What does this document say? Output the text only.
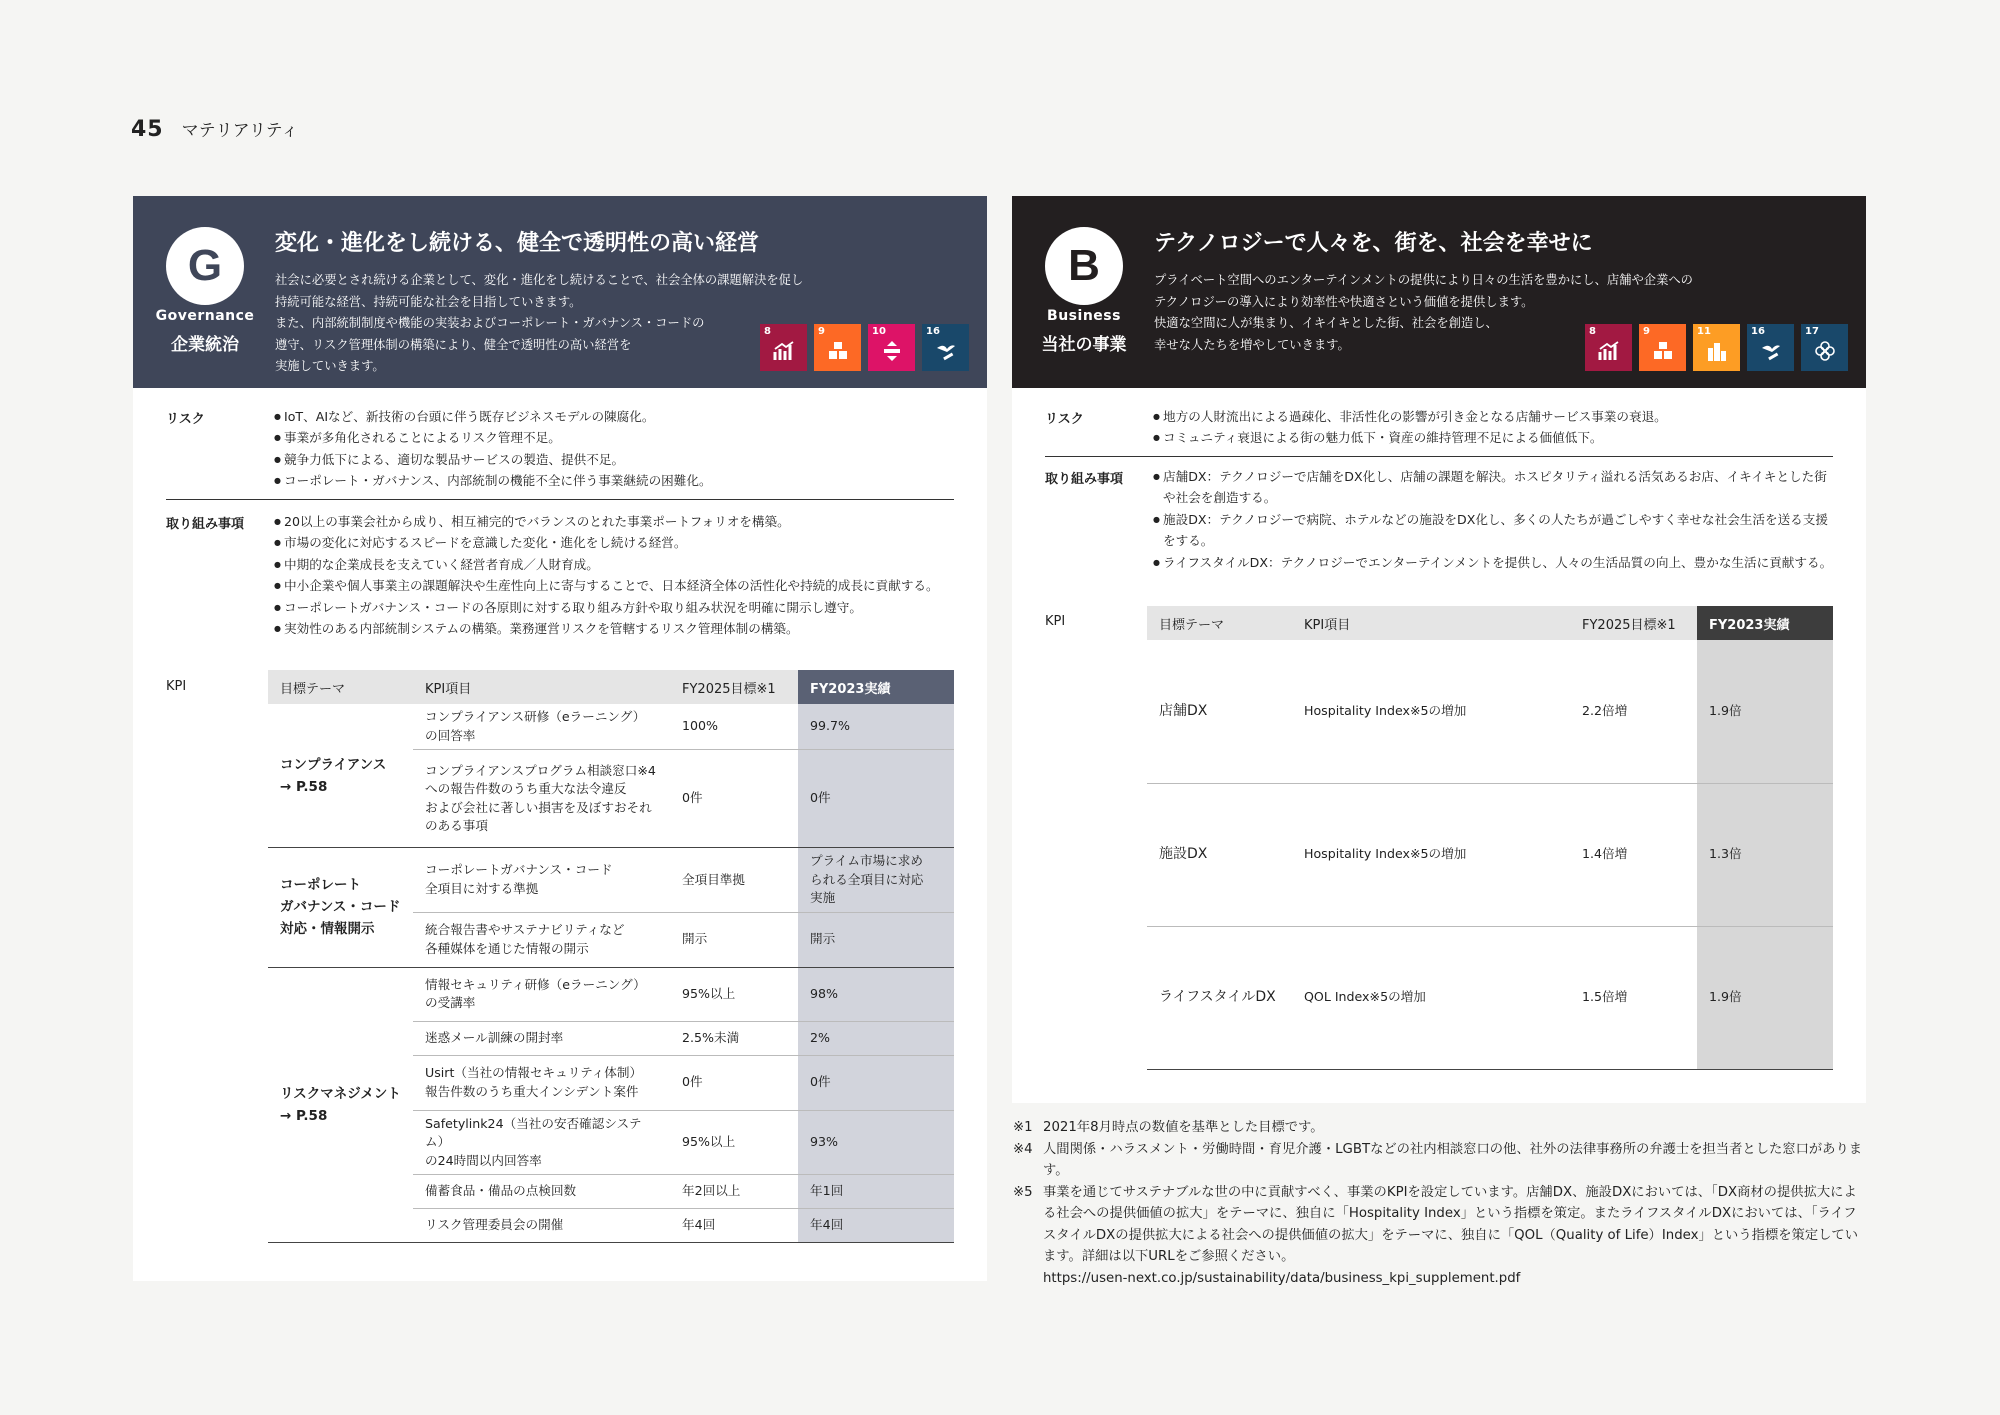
45 マテリアリティ
G
Governance
企業統治
変化・進化をし続ける、健全で透明性の高い経営
社会に必要とされ続ける企業として、変化・進化をし続けることで、社会全体の課題解決を促し
持続可能な経営、持続可能な社会を目指していきます。
また、内部統制制度や機能の実装およびコーポレート・ガバナンス・コードの
遵守、リスク管理体制の構築により、健全で透明性の高い経営を
実施していきます。
8	9	10	16
リスク	● IoT、AIなど、新技術の台頭に伴う既存ビジネスモデルの陳腐化。
● 事業が多角化されることによるリスク管理不足。
● 競争力低下による、適切な製品サービスの製造、提供不足。
● コーポレート・ガバナンス、内部統制の機能不全に伴う事業継続の困難化。
取り組み事項	● 20以上の事業会社から成り、相互補完的でバランスのとれた事業ポートフォリオを構築。
● 市場の変化に対応するスピードを意識した変化・進化をし続ける経営。
● 中期的な企業成長を支えていく経営者育成／人財育成。
● 中小企業や個人事業主の課題解決や生産性向上に寄与することで、日本経済全体の活性化や持続的成長に貢献する。
● コーポレートガバナンス・コードの各原則に対する取り組み方針や取り組み状況を明確に開示し遵守。
● 実効性のある内部統制システムの構築。業務運営リスクを管轄するリスク管理体制の構築。
KPI	目標テーマ	KPI項目	FY2025目標※1	FY2023実績
コンプライアンス
→ P.58	コンプライアンス研修（eラーニング）
の回答率	100%	99.7%
	コンプライアンスプログラム相談窓口※4
への報告件数のうち重大な法令違反
および会社に著しい損害を及ぼすおそれ
のある事項	0件	0件
コーポレート
ガバナンス・コード
対応・情報開示	コーポレートガバナンス・コード
全項目に対する準拠	全項目準拠	プライム市場に求め
られる全項目に対応
実施
	統合報告書やサステナビリティなど
各種媒体を通じた情報の開示	開示	開示
リスクマネジメント
→ P.58	情報セキュリティ研修（eラーニング）
の受講率	95%以上	98%
	迷惑メール訓練の開封率	2.5%未満	2%
	Usirt（当社の情報セキュリティ体制）
報告件数のうち重大インシデント案件	0件	0件
	Safetylink24（当社の安否確認システム）
の24時間以内回答率	95%以上	93%
	備蓄食品・備品の点検回数	年2回以上	年1回
	リスク管理委員会の開催	年4回	年4回
B
Business
当社の事業
テクノロジーで人々を、街を、社会を幸せに
プライベート空間へのエンターテインメントの提供により日々の生活を豊かにし、店舗や企業への
テクノロジーの導入により効率性や快適さという価値を提供します。
快適な空間に人が集まり、イキイキとした街、社会を創造し、
幸せな人たちを増やしていきます。
8	9	11	16	17
リスク	● 地方の人財流出による過疎化、非活性化の影響が引き金となる店舗サービス事業の衰退。
● コミュニティ衰退による街の魅力低下・資産の維持管理不足による価値低下。
取り組み事項	● 店舗DX：テクノロジーで店舗をDX化し、店舗の課題を解決。ホスピタリティ溢れる活気あるお店、イキイキとした街や社会を創造する。
● 施設DX：テクノロジーで病院、ホテルなどの施設をDX化し、多くの人たちが過ごしやすく幸せな社会生活を送る支援をする。
● ライフスタイルDX：テクノロジーでエンターテインメントを提供し、人々の生活品質の向上、豊かな生活に貢献する。
KPI	目標テーマ	KPI項目	FY2025目標※1	FY2023実績
店舗DX	Hospitality Index※5の増加	2.2倍増	1.9倍
施設DX	Hospitality Index※5の増加	1.4倍増	1.3倍
ライフスタイルDX	QOL Index※5の増加	1.5倍増	1.9倍
※1 2021年8月時点の数値を基準とした目標です。
※4 人間関係・ハラスメント・労働時間・育児介護・LGBTなどの社内相談窓口の他、社外の法律事務所の弁護士を担当者とした窓口があります。
※5 事業を通じてサステナブルな世の中に貢献すべく、事業のKPIを設定しています。店舗DX、施設DXにおいては、「DX商材の提供拡大による社会への提供価値の拡大」をテーマに、独自に「Hospitality Index」という指標を策定。またライフスタイルDXにおいては、「ライフスタイルDXの提供拡大による社会への提供価値の拡大」をテーマに、独自に「QOL（Quality of Life）Index」という指標を策定しています。詳細は以下URLをご参照ください。
https://usen-next.co.jp/sustainability/data/business_kpi_supplement.pdf
